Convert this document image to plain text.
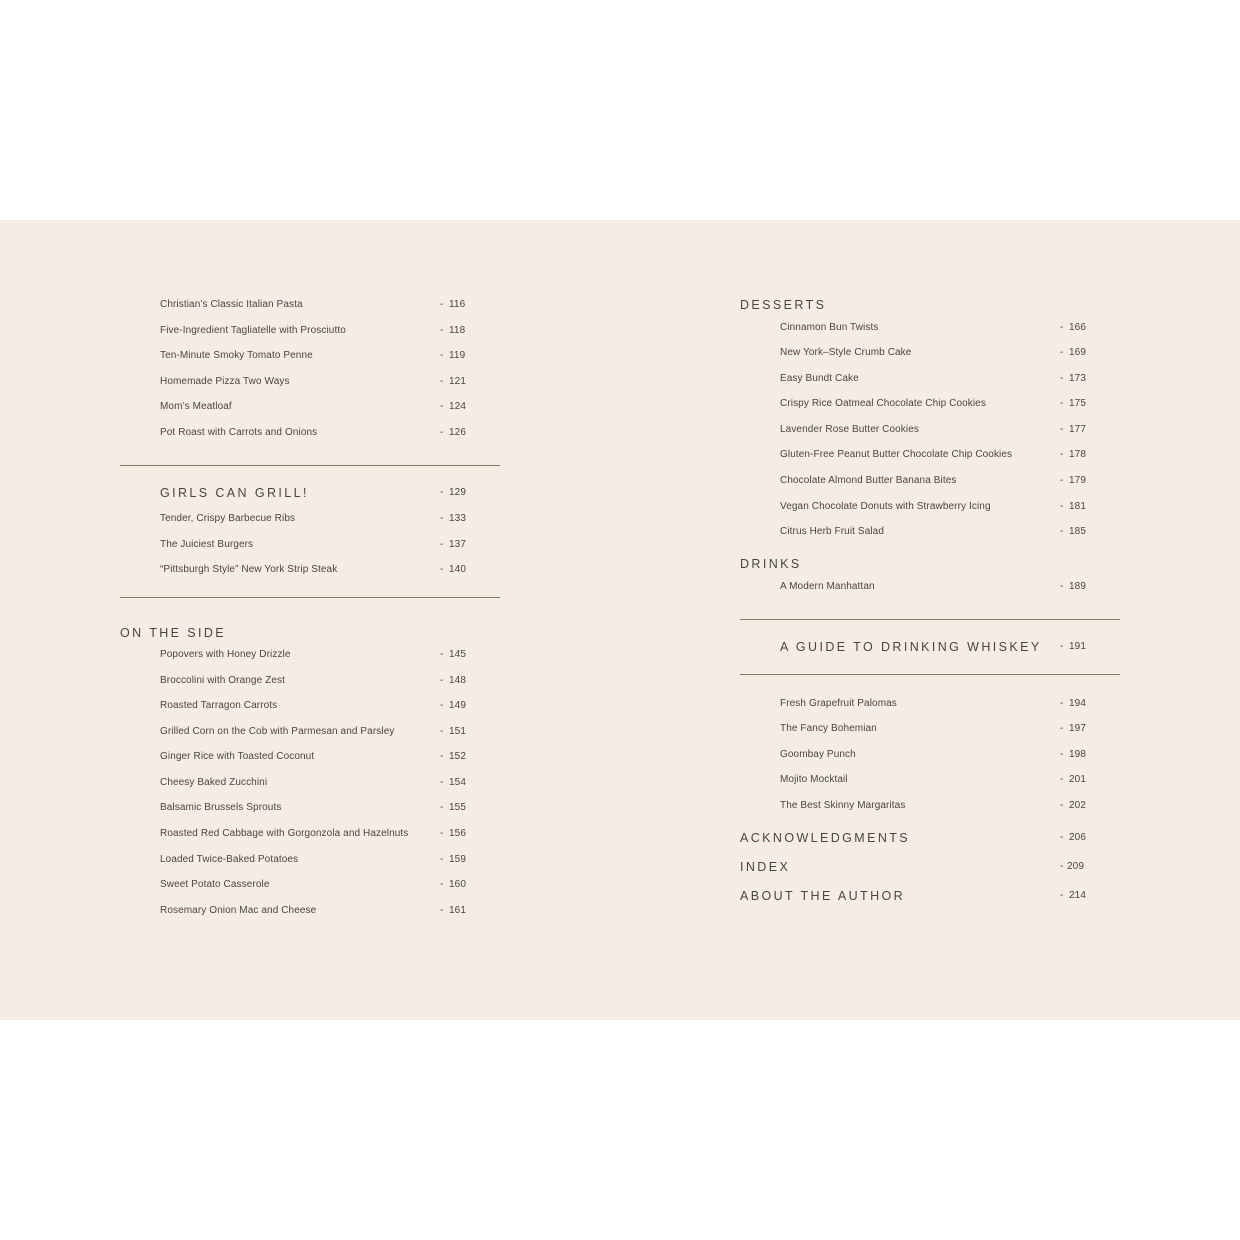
Christian’s Classic Italian Pasta	- 116
Five-Ingredient Tagliatelle with Prosciutto	- 118
Ten-Minute Smoky Tomato Penne	- 119
Homemade Pizza Two Ways	- 121
Mom’s Meatloaf	- 124
Pot Roast with Carrots and Onions	- 126
GIRLS CAN GRILL!	- 129
Tender, Crispy Barbecue Ribs	- 133
The Juiciest Burgers	- 137
“Pittsburgh Style” New York Strip Steak	- 140
ON THE SIDE
Popovers with Honey Drizzle	- 145
Broccolini with Orange Zest	- 148
Roasted Tarragon Carrots	- 149
Grilled Corn on the Cob with Parmesan and Parsley	- 151
Ginger Rice with Toasted Coconut	- 152
Cheesy Baked Zucchini	- 154
Balsamic Brussels Sprouts	- 155
Roasted Red Cabbage with Gorgonzola and Hazelnuts	- 156
Loaded Twice-Baked Potatoes	- 159
Sweet Potato Casserole	- 160
Rosemary Onion Mac and Cheese	- 161
DESSERTS
Cinnamon Bun Twists	- 166
New York–Style Crumb Cake	- 169
Easy Bundt Cake	- 173
Crispy Rice Oatmeal Chocolate Chip Cookies	- 175
Lavender Rose Butter Cookies	- 177
Gluten-Free Peanut Butter Chocolate Chip Cookies	- 178
Chocolate Almond Butter Banana Bites	- 179
Vegan Chocolate Donuts with Strawberry Icing	- 181
Citrus Herb Fruit Salad	- 185
DRINKS
A Modern Manhattan	- 189
A GUIDE TO DRINKING WHISKEY - 191
Fresh Grapefruit Palomas	- 194
The Fancy Bohemian	- 197
Goombay Punch	- 198
Mojito Mocktail	- 201
The Best Skinny Margaritas	- 202
ACKNOWLEDGMENTS	- 206
INDEX	- 209
ABOUT THE AUTHOR	- 214
